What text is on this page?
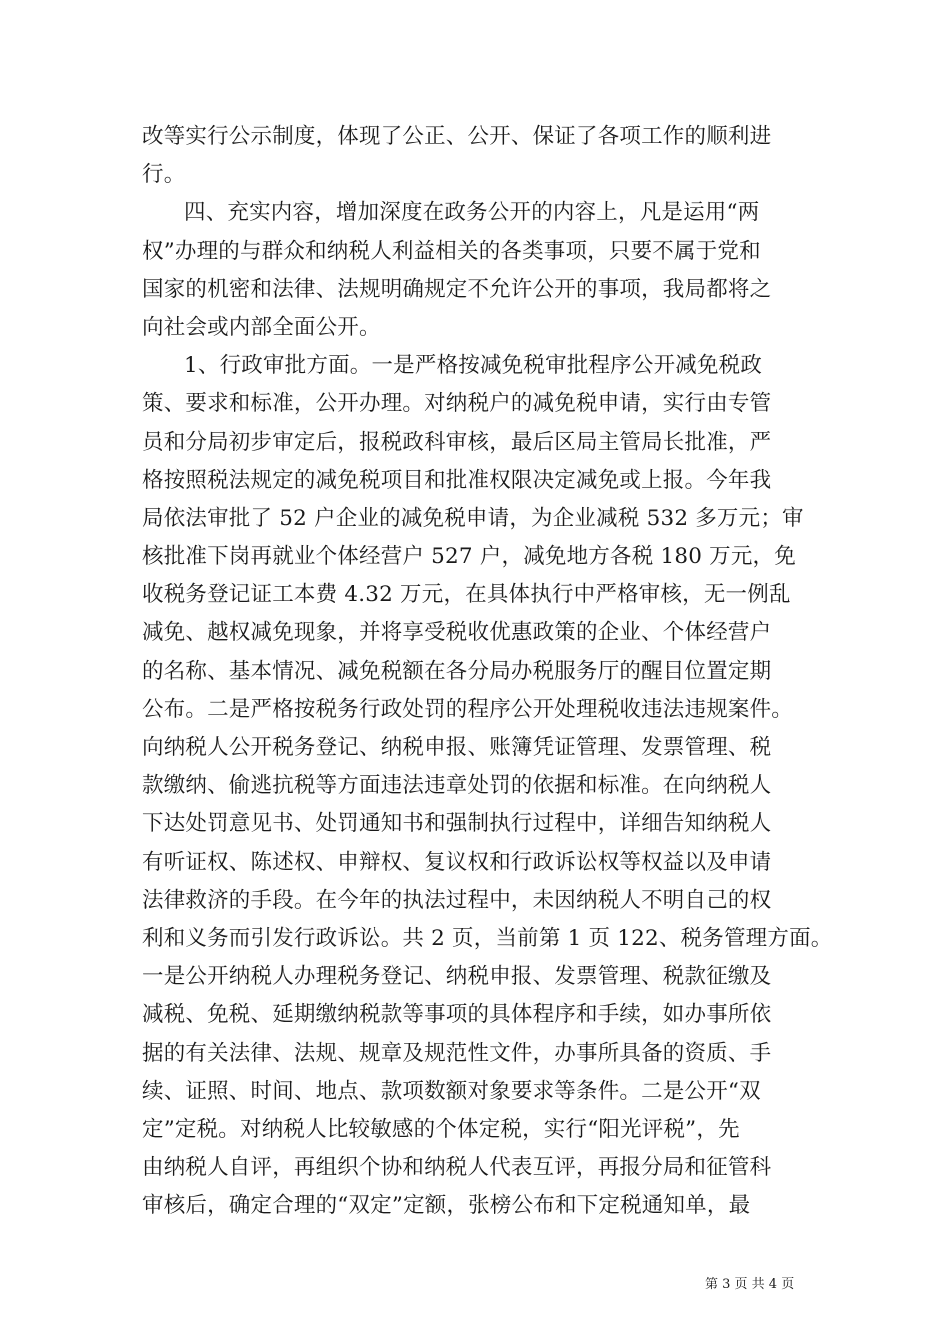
改等实行公示制度，体现了公正、公开、保证了各项工作的顺利进
行。
四、充实内容，增加深度在政务公开的内容上，凡是运用“两
权”办理的与群众和纳税人利益相关的各类事项，只要不属于党和
国家的机密和法律、法规明确规定不允许公开的事项，我局都将之
向社会或内部全面公开。
1、行政审批方面。一是严格按减免税审批程序公开减免税政
策、要求和标准，公开办理。对纳税户的减免税申请，实行由专管
员和分局初步审定后，报税政科审核，最后区局主管局长批准，严
格按照税法规定的减免税项目和批准权限决定减免或上报。今年我
局依法审批了 52 户企业的减免税申请，为企业减税 532 多万元；审
核批准下岗再就业个体经营户 527 户，减免地方各税 180 万元，免
收税务登记证工本费 4.32 万元，在具体执行中严格审核，无一例乱
减免、越权减免现象，并将享受税收优惠政策的企业、个体经营户
的名称、基本情况、减免税额在各分局办税服务厅的醒目位置定期
公布。二是严格按税务行政处罚的程序公开处理税收违法违规案件。
向纳税人公开税务登记、纳税申报、账簿凭证管理、发票管理、税
款缴纳、偷逃抗税等方面违法违章处罚的依据和标准。在向纳税人
下达处罚意见书、处罚通知书和强制执行过程中，详细告知纳税人
有听证权、陈述权、申辩权、复议权和行政诉讼权等权益以及申请
法律救济的手段。在今年的执法过程中，未因纳税人不明自己的权
利和义务而引发行政诉讼。共 2 页，当前第 1 页 122、税务管理方面。
一是公开纳税人办理税务登记、纳税申报、发票管理、税款征缴及
减税、免税、延期缴纳税款等事项的具体程序和手续，如办事所依
据的有关法律、法规、规章及规范性文件，办事所具备的资质、手
续、证照、时间、地点、款项数额对象要求等条件。二是公开“双
定”定税。对纳税人比较敏感的个体定税，实行“阳光评税”，先
由纳税人自评，再组织个协和纳税人代表互评，再报分局和征管科
审核后，确定合理的“双定”定额，张榜公布和下定税通知单，最
第 3 页 共 4 页
